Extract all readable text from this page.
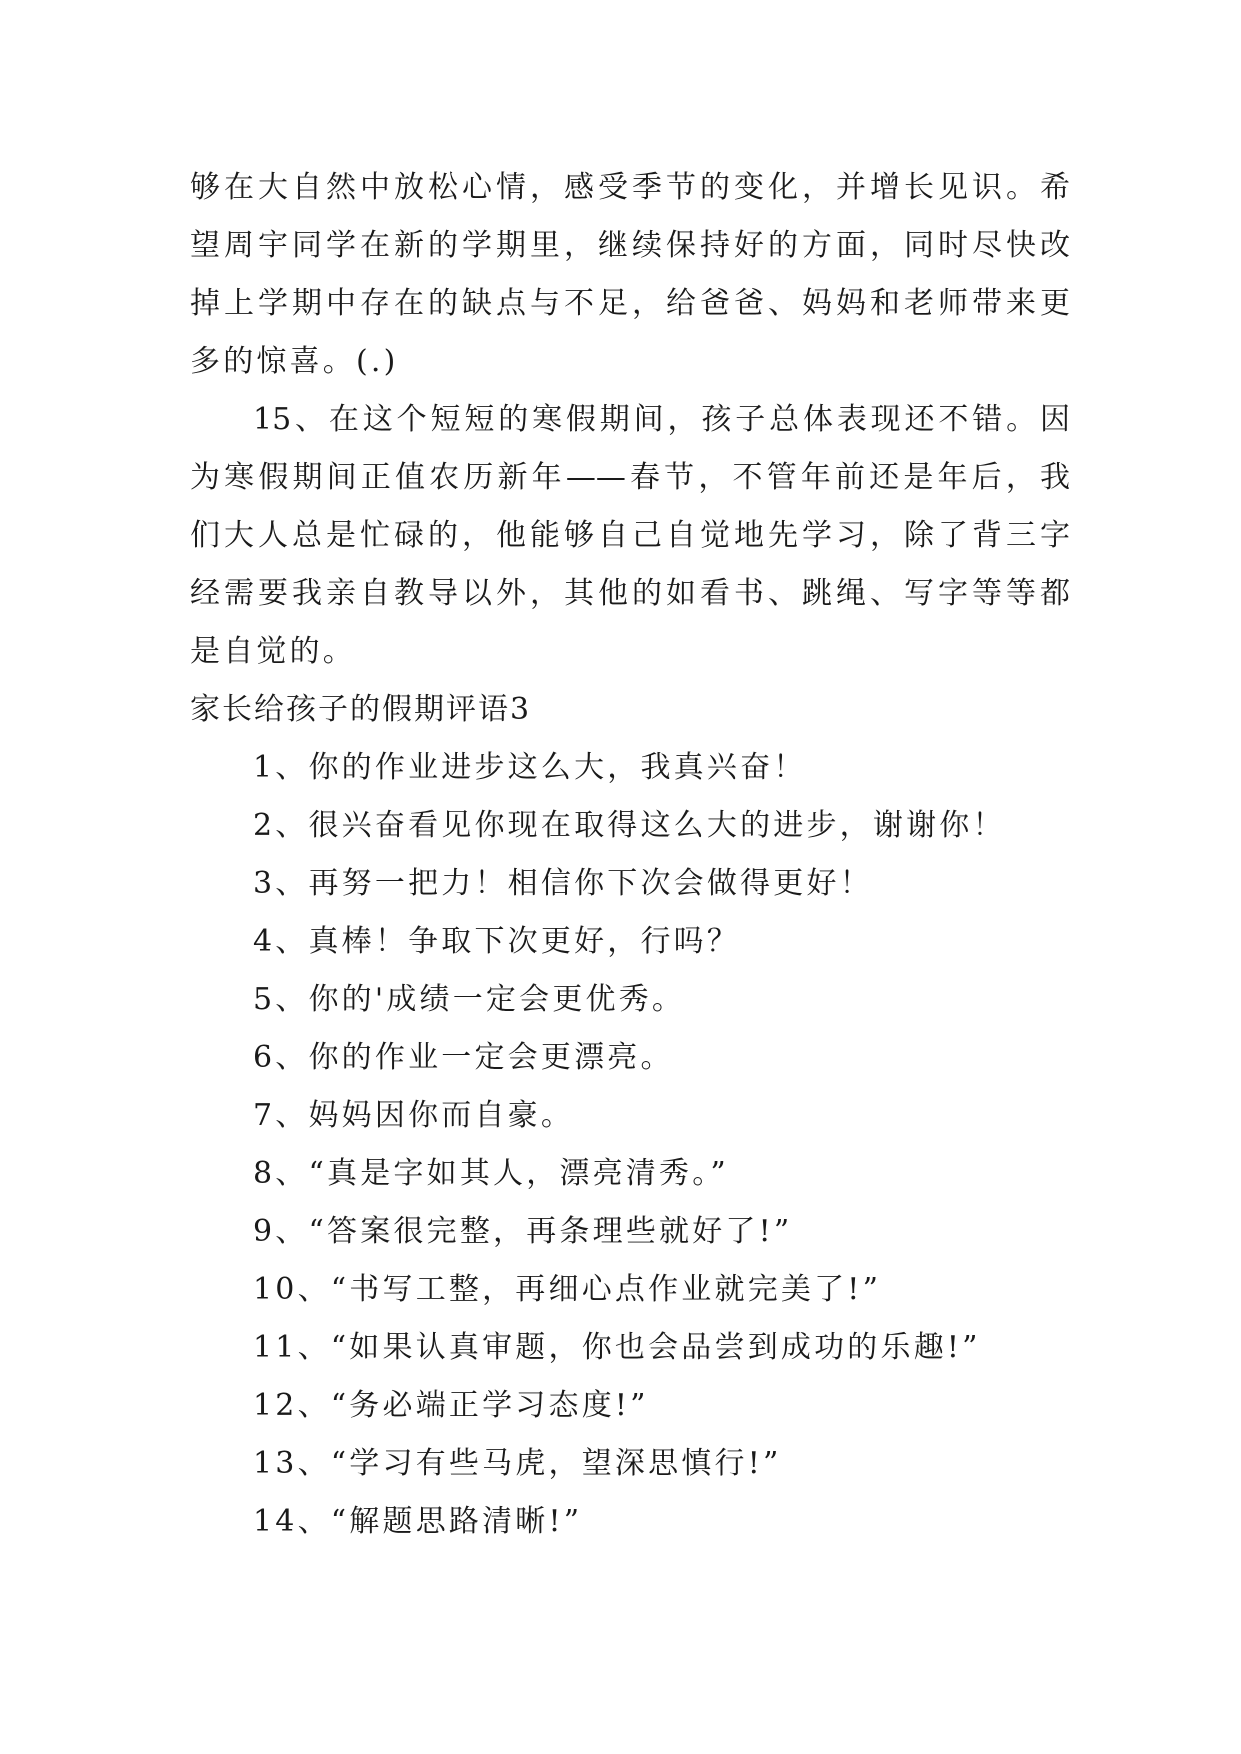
够在大自然中放松心情，感受季节的变化，并增长见识。希
望周宇同学在新的学期里，继续保持好的方面，同时尽快改
掉上学期中存在的缺点与不足，给爸爸、妈妈和老师带来更
多的惊喜。(.)
15、在这个短短的寒假期间，孩子总体表现还不错。因
为寒假期间正值农历新年——春节，不管年前还是年后，我
们大人总是忙碌的，他能够自己自觉地先学习，除了背三字
经需要我亲自教导以外，其他的如看书、跳绳、写字等等都
是自觉的。
家长给孩子的假期评语3
1、你的作业进步这么大，我真兴奋！
2、很兴奋看见你现在取得这么大的进步，谢谢你！
3、再努一把力！相信你下次会做得更好！
4、真棒！争取下次更好，行吗？
5、你的'成绩一定会更优秀。
6、你的作业一定会更漂亮。
7、妈妈因你而自豪。
8、“真是字如其人，漂亮清秀。”
9、“答案很完整，再条理些就好了!”
10、“书写工整，再细心点作业就完美了!”
11、“如果认真审题，你也会品尝到成功的乐趣!”
12、“务必端正学习态度!”
13、“学习有些马虎，望深思慎行!”
14、“解题思路清晰!”
